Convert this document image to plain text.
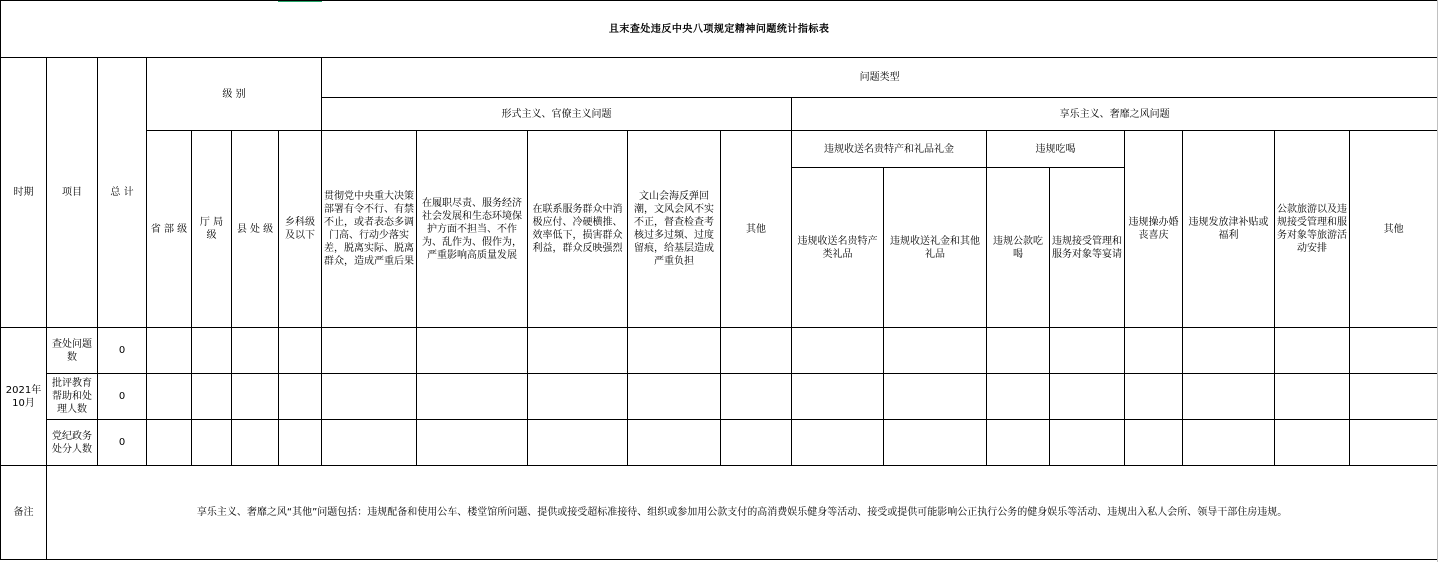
且末查处违反中央八项规定精神问题统计指标表																			
时期	项目	总 计	级 别				问题类型												
							形式主义、官僚主义问题					享乐主义、奢靡之风问题							
			省 部 级	厅 局 级	县 处 级	乡科级及以下	贯彻党中央重大决策部署有令不行、有禁不止，或者表态多调门高、行动少落实差，脱离实际、脱离群众，造成严重后果	在履职尽责、服务经济社会发展和生态环境保护方面不担当、不作为、乱作为、假作为，严重影响高质量发展	在联系服务群众中消极应付、冷硬横推、效率低下，损害群众利益，群众反映强烈	文山会海反弹回潮，文风会风不实不正，督查检查考核过多过频、过度留痕，给基层造成严重负担	其他	违规收送名贵特产和礼品礼金		违规吃喝		违规操办婚丧喜庆	违规发放津补贴或福利	公款旅游以及违规接受管理和服务对象等旅游活动安排	其他
												违规收送名贵特产类礼品	违规收送礼金和其他礼品	违规公款吃喝	违规接受管理和服务对象等宴请				
2021年10月	查处问题数	0																	
	批评教育帮助和处理人数	0																	
	党纪政务处分人数	0																	
备注	享乐主义、奢靡之风“其他”问题包括：违规配备和使用公车、楼堂馆所问题、提供或接受超标准接待、组织或参加用公款支付的高消费娱乐健身等活动、接受或提供可能影响公正执行公务的健身娱乐等活动、违规出入私人会所、领导干部住房违规。																		
